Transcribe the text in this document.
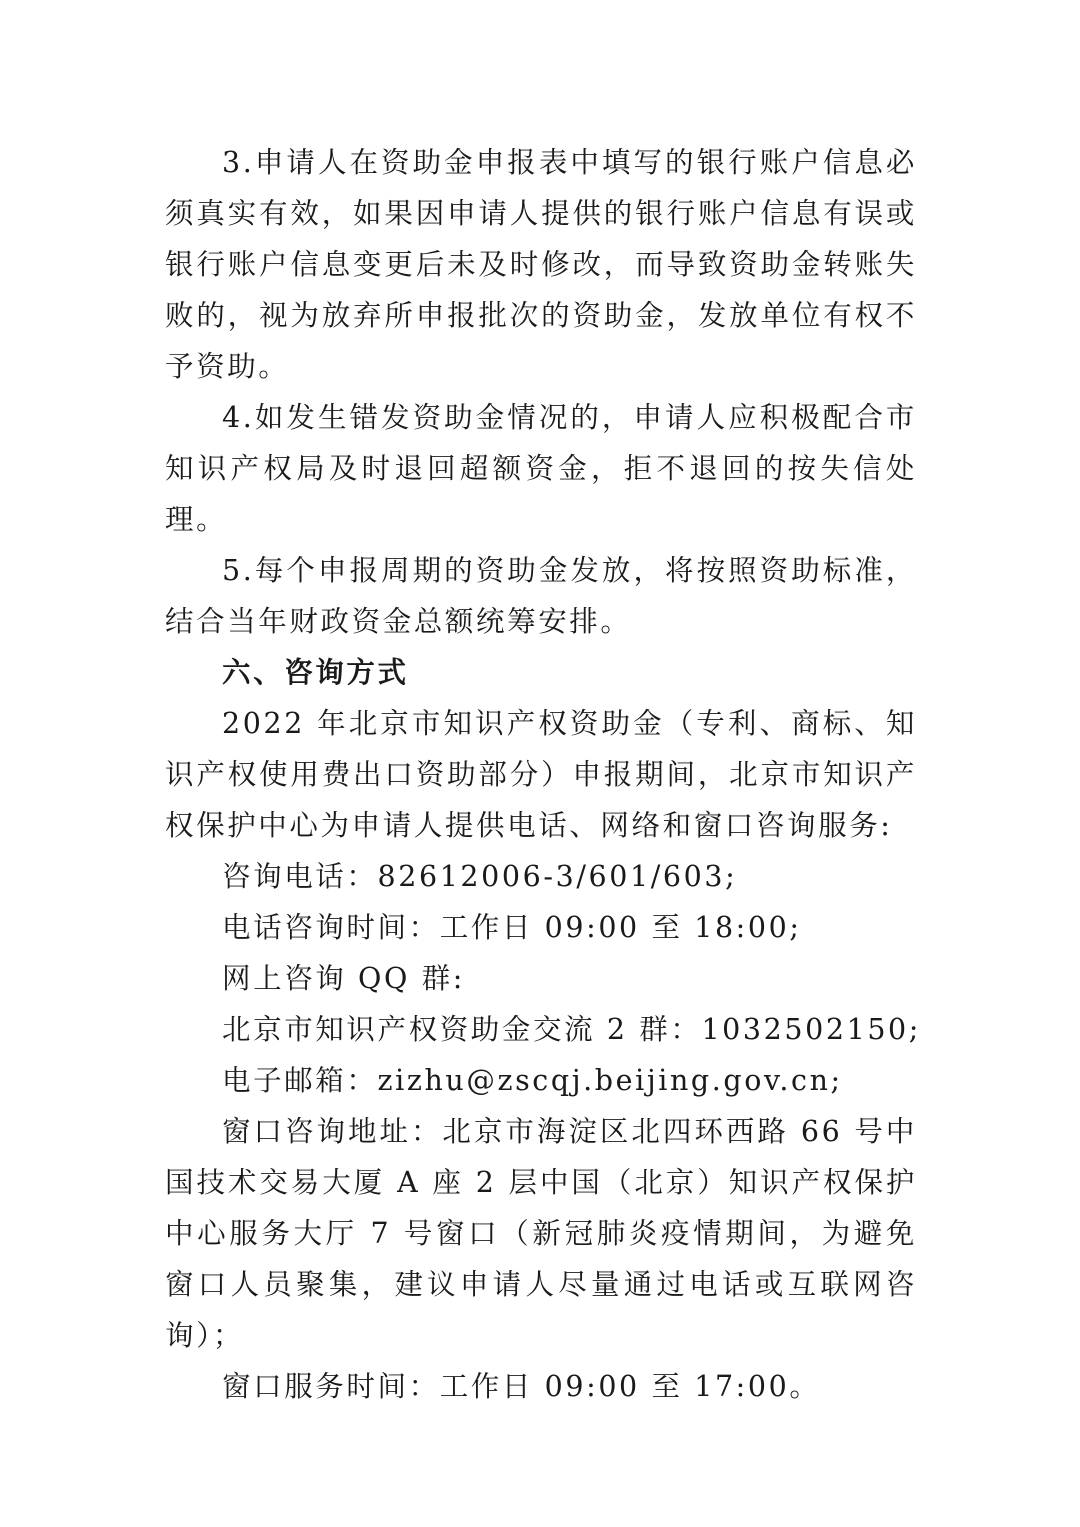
3.申请人在资助金申报表中填写的银行账户信息必须真实有效，如果因申请人提供的银行账户信息有误或银行账户信息变更后未及时修改，而导致资助金转账失败的，视为放弃所申报批次的资助金，发放单位有权不予资助。

4.如发生错发资助金情况的，申请人应积极配合市知识产权局及时退回超额资金，拒不退回的按失信处理。

5.每个申报周期的资助金发放，将按照资助标准，结合当年财政资金总额统筹安排。

六、咨询方式

2022 年北京市知识产权资助金（专利、商标、知识产权使用费出口资助部分）申报期间，北京市知识产权保护中心为申请人提供电话、网络和窗口咨询服务:

咨询电话：82612006-3/601/603;

电话咨询时间：工作日 09:00 至 18:00;

网上咨询 QQ 群:

北京市知识产权资助金交流 2 群：1032502150;

电子邮箱：zizhu@zscqj.beijing.gov.cn;

窗口咨询地址：北京市海淀区北四环西路 66 号中国技术交易大厦 A 座 2 层中国（北京）知识产权保护中心服务大厅 7 号窗口（新冠肺炎疫情期间，为避免窗口人员聚集，建议申请人尽量通过电话或互联网咨询）；

窗口服务时间：工作日 09:00 至 17:00。
